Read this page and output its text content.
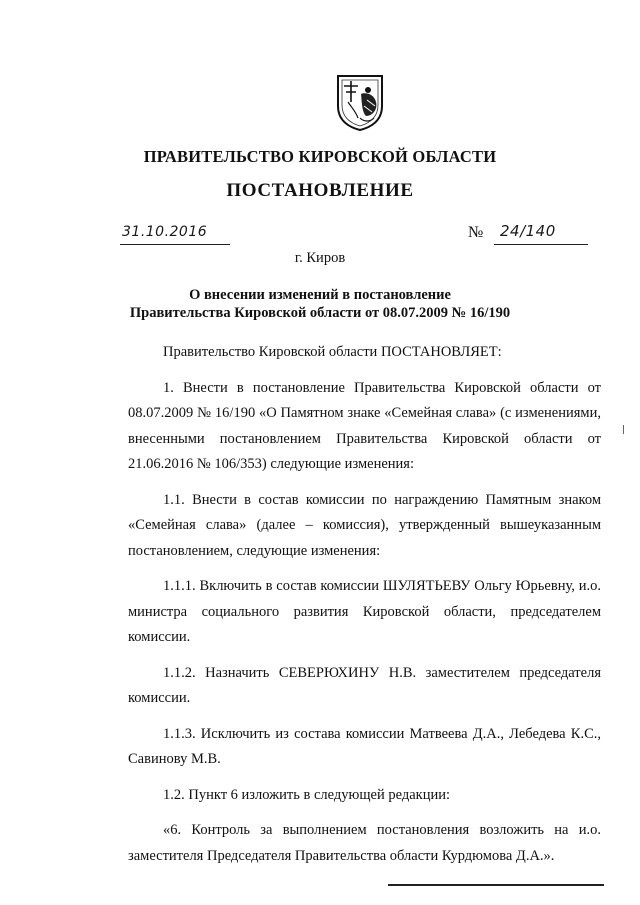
ПРАВИТЕЛЬСТВО КИРОВСКОЙ ОБЛАСТИ
ПОСТАНОВЛЕНИЕ
31.10.2016	№ 24/140
г. Киров
О внесении изменений в постановление
Правительства Кировской области от 08.07.2009 № 16/190

Правительство Кировской области ПОСТАНОВЛЯЕТ:

1. Внести в постановление Правительства Кировской области от 08.07.2009 № 16/190 «О Памятном знаке «Семейная слава» (с изменениями, внесенными постановлением Правительства Кировской области от 21.06.2016 № 106/353) следующие изменения:

1.1. Внести в состав комиссии по награждению Памятным знаком «Семейная слава» (далее – комиссия), утвержденный вышеуказанным постановлением, следующие изменения:

1.1.1. Включить в состав комиссии ШУЛЯТЬЕВУ Ольгу Юрьевну, и.о. министра социального развития Кировской области, председателем комиссии.

1.1.2. Назначить СЕВЕРЮХИНУ Н.В. заместителем председателя комиссии.

1.1.3. Исключить из состава комиссии Матвеева Д.А., Лебедева К.С., Савинову М.В.

1.2. Пункт 6 изложить в следующей редакции:

«6. Контроль за выполнением постановления возложить на и.о. заместителя Председателя Правительства области Курдюмова Д.А.».
